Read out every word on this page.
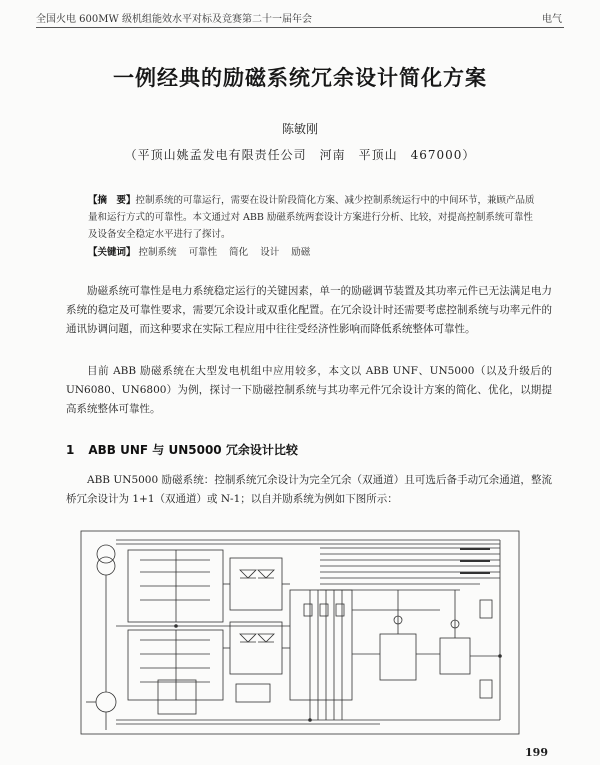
全国火电 600MW 级机组能效水平对标及竞赛第二十一届年会	电气
一例经典的励磁系统冗余设计简化方案
陈敏刚
（平顶山姚孟发电有限责任公司　河南　平顶山　467000）
【摘　要】控制系统的可靠运行，需要在设计阶段简化方案、减少控制系统运行中的中间环节，兼顾产品质量和运行方式的可靠性。本文通过对 ABB 励磁系统两套设计方案进行分析、比较，对提高控制系统可靠性及设备安全稳定水平进行了探讨。
【关键词】 控制系统 可靠性 简化 设计 励磁

励磁系统可靠性是电力系统稳定运行的关键因素，单一的励磁调节装置及其功率元件已无法满足电力系统的稳定及可靠性要求，需要冗余设计或双重化配置。在冗余设计时还需要考虑控制系统与功率元件的通讯协调问题，而这种要求在实际工程应用中往往受经济性影响而降低系统整体可靠性。

目前 ABB 励磁系统在大型发电机组中应用较多，本文以 ABB UNF、UN5000（以及升级后的 UN6080、UN6800）为例，探讨一下励磁控制系统与其功率元件冗余设计方案的简化、优化，以期提高系统整体可靠性。

1 ABB UNF 与 UN5000 冗余设计比较

ABB UN5000 励磁系统：控制系统冗余设计为完全冗余（双通道）且可选后备手动冗余通道，整流桥冗余设计为 1+1（双通道）或 N-1；以自并励系统为例如下图所示：

199
